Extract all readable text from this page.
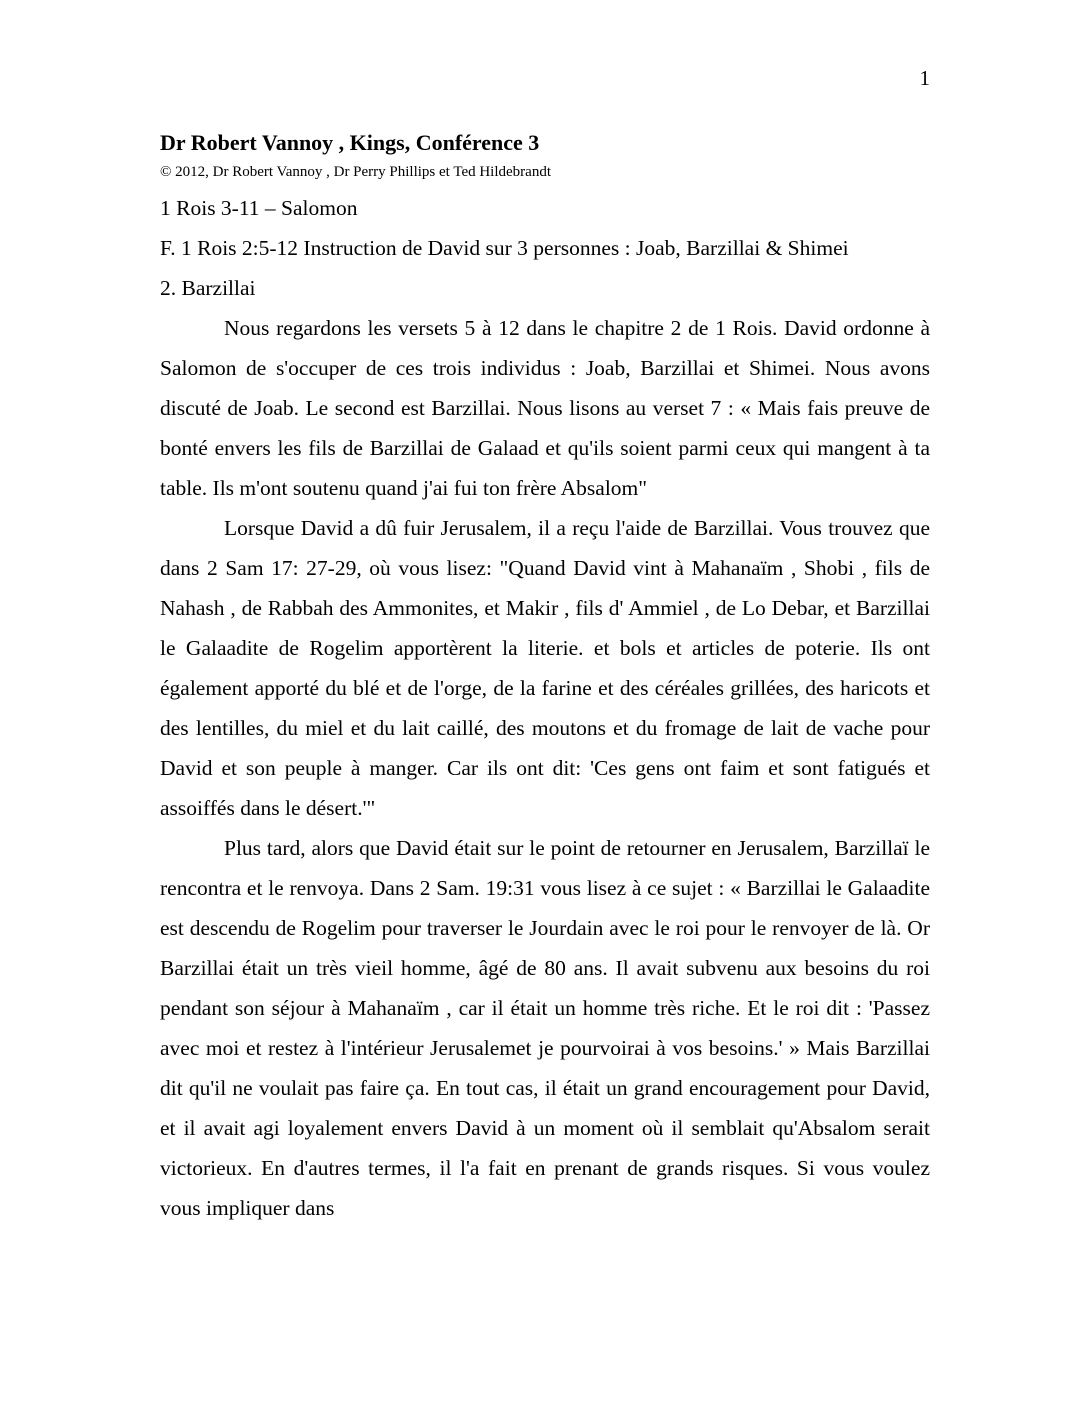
1
Dr Robert Vannoy , Kings, Conférence 3
© 2012, Dr Robert Vannoy , Dr Perry Phillips et Ted Hildebrandt
1 Rois 3-11 – Salomon
F. 1 Rois 2:5-12 Instruction de David sur 3 personnes : Joab, Barzillai & Shimei
2. Barzillai

Nous regardons les versets 5 à 12 dans le chapitre 2 de 1 Rois. David ordonne à Salomon de s'occuper de ces trois individus : Joab, Barzillai et Shimei. Nous avons discuté de Joab. Le second est Barzillai. Nous lisons au verset 7 : « Mais fais preuve de bonté envers les fils de Barzillai de Galaad et qu'ils soient parmi ceux qui mangent à ta table. Ils m'ont soutenu quand j'ai fui ton frère Absalom"

Lorsque David a dû fuir Jerusalem, il a reçu l'aide de Barzillai. Vous trouvez que dans 2 Sam 17: 27-29, où vous lisez: "Quand David vint à Mahanaïm , Shobi , fils de Nahash , de Rabbah des Ammonites, et Makir , fils d' Ammiel , de Lo Debar, et Barzillai le Galaadite de Rogelim apportèrent la literie. et bols et articles de poterie. Ils ont également apporté du blé et de l'orge, de la farine et des céréales grillées, des haricots et des lentilles, du miel et du lait caillé, des moutons et du fromage de lait de vache pour David et son peuple à manger. Car ils ont dit: 'Ces gens ont faim et sont fatigués et assoiffés dans le désert.'"

Plus tard, alors que David était sur le point de retourner en Jerusalem, Barzillaï le rencontra et le renvoya. Dans 2 Sam. 19:31 vous lisez à ce sujet : « Barzillai le Galaadite est descendu de Rogelim pour traverser le Jourdain avec le roi pour le renvoyer de là. Or Barzillai était un très vieil homme, âgé de 80 ans. Il avait subvenu aux besoins du roi pendant son séjour à Mahanaïm , car il était un homme très riche. Et le roi dit : 'Passez avec moi et restez à l'intérieur Jerusalemet je pourvoirai à vos besoins.' » Mais Barzillai dit qu'il ne voulait pas faire ça. En tout cas, il était un grand encouragement pour David, et il avait agi loyalement envers David à un moment où il semblait qu'Absalom serait victorieux. En d'autres termes, il l'a fait en prenant de grands risques. Si vous voulez vous impliquer dans
